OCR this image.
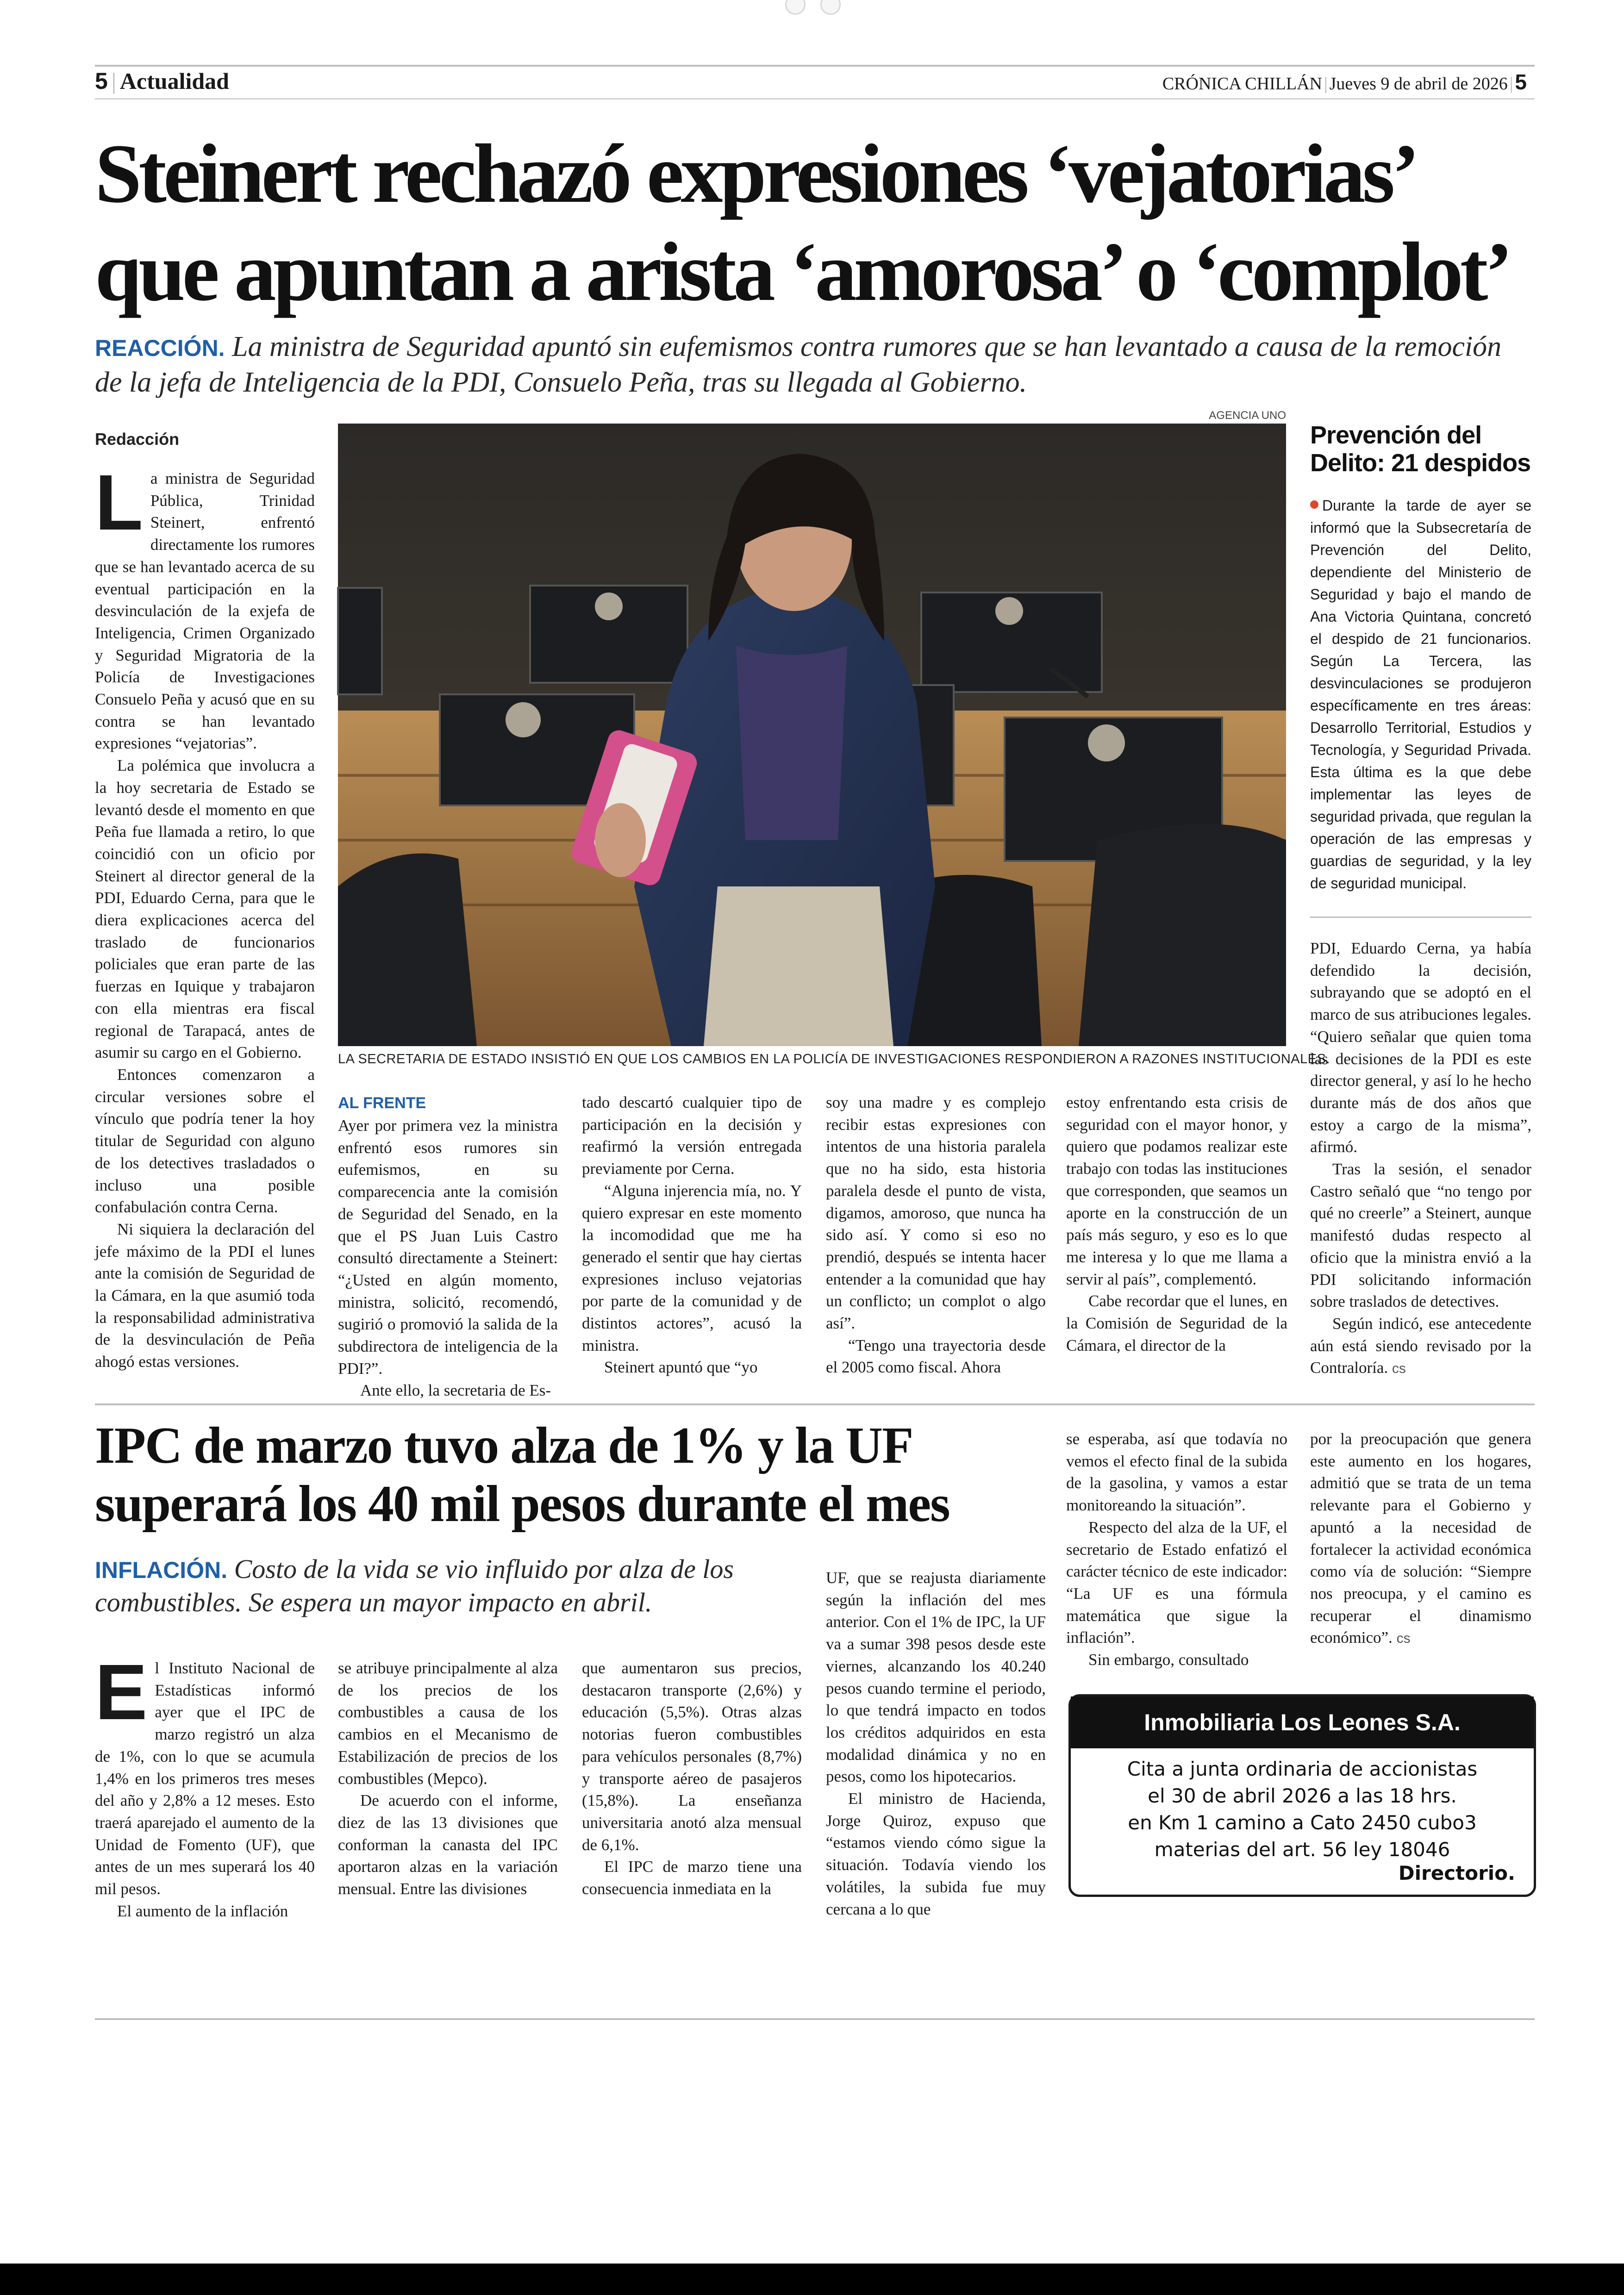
5 | Actualidad	CRÓNICA CHILLÁN | Jueves 9 de abril de 2026 |5
Steinert rechazó expresiones ‘vejatorias’
que apuntan a arista ‘amorosa’ o ‘complot’

REACCIÓN. La ministra de Seguridad apuntó sin eufemismos contra rumores que se han levantado a causa de la remoción de la jefa de Inteligencia de la PDI, Consuelo Peña, tras su llegada al Gobierno.

Redacción

La ministra de Seguridad Pública, Trinidad Steinert, enfrentó directamente los rumores que se han levantado acerca de su eventual participación en la desvinculación de la exjefa de Inteligencia, Crimen Organizado y Seguridad Migratoria de la Policía de Investigaciones Consuelo Peña y acusó que en su contra se han levantado expresiones “vejatorias”.

La polémica que involucra a la hoy secretaria de Estado se levantó desde el momento en que Peña fue llamada a retiro, lo que coincidió con un oficio por Steinert al director general de la PDI, Eduardo Cerna, para que le diera explicaciones acerca del traslado de funcionarios policiales que eran parte de las fuerzas en Iquique y trabajaron con ella mientras era fiscal regional de Tarapacá, antes de asumir su cargo en el Gobierno.

Entonces comenzaron a circular versiones sobre el vínculo que podría tener la hoy titular de Seguridad con alguno de los detectives trasladados o incluso una posible confabulación contra Cerna.

Ni siquiera la declaración del jefe máximo de la PDI el lunes ante la comisión de Seguridad de la Cámara, en la que asumió toda la responsabilidad administrativa de la desvinculación de Peña ahogó estas versiones.

AGENCIA UNO
LA SECRETARIA DE ESTADO INSISTIÓ EN QUE LOS CAMBIOS EN LA POLICÍA DE INVESTIGACIONES RESPONDIERON A RAZONES INSTITUCIONALES.
AL FRENTE

Ayer por primera vez la ministra enfrentó esos rumores sin eufemismos, en su comparecencia ante la comisión de Seguridad del Senado, en la que el PS Juan Luis Castro consultó directamente a Steinert: “¿Usted en algún momento, ministra, solicitó, recomendó, sugirió o promovió la salida de la subdirectora de inteligencia de la PDI?”.

Ante ello, la secretaria de Es-

tado descartó cualquier tipo de participación en la decisión y reafirmó la versión entregada previamente por Cerna.

“Alguna injerencia mía, no. Y quiero expresar en este momento la incomodidad que me ha generado el sentir que hay ciertas expresiones incluso vejatorias por parte de la comunidad y de distintos actores”, acusó la ministra.

Steinert apuntó que “yo

soy una madre y es complejo recibir estas expresiones con intentos de una historia paralela que no ha sido, esta historia paralela desde el punto de vista, digamos, amoroso, que nunca ha sido así. Y como si eso no prendió, después se intenta hacer entender a la comunidad que hay un conflicto; un complot o algo así”.

“Tengo una trayectoria desde el 2005 como fiscal. Ahora

estoy enfrentando esta crisis de seguridad con el mayor honor, y quiero que podamos realizar este trabajo con todas las instituciones que corresponden, que seamos un aporte en la construcción de un país más seguro, y eso es lo que me interesa y lo que me llama a servir al país”, complementó.

Cabe recordar que el lunes, en la Comisión de Seguridad de la Cámara, el director de la

Prevención del
Delito: 21 despidos

Durante la tarde de ayer se informó que la Subsecretaría de Prevención del Delito, dependiente del Ministerio de Seguridad y bajo el mando de Ana Victoria Quintana, concretó el despido de 21 funcionarios. Según La Tercera, las desvinculaciones se produjeron específicamente en tres áreas: Desarrollo Territorial, Estudios y Tecnología, y Seguridad Privada. Esta última es la que debe implementar las leyes de seguridad privada, que regulan la operación de las empresas y guardias de seguridad, y la ley de seguridad municipal.

PDI, Eduardo Cerna, ya había defendido la decisión, subrayando que se adoptó en el marco de sus atribuciones legales. “Quiero señalar que quien toma las decisiones de la PDI es este director general, y así lo he hecho durante más de dos años que estoy a cargo de la misma”, afirmó.

Tras la sesión, el senador Castro señaló que “no tengo por qué no creerle” a Steinert, aunque manifestó dudas respecto al oficio que la ministra envió a la PDI solicitando información sobre traslados de detectives.

Según indicó, ese antecedente aún está siendo revisado por la Contraloría. cs

IPC de marzo tuvo alza de 1% y la UF
superará los 40 mil pesos durante el mes

INFLACIÓN. Costo de la vida se vio influido por alza de los combustibles. Se espera un mayor impacto en abril.

El Instituto Nacional de Estadísticas informó ayer que el IPC de marzo registró un alza de 1%, con lo que se acumula 1,4% en los primeros tres meses del año y 2,8% a 12 meses. Esto traerá aparejado el aumento de la Unidad de Fomento (UF), que antes de un mes superará los 40 mil pesos.

El aumento de la inflación

se atribuye principalmente al alza de los precios de los combustibles a causa de los cambios en el Mecanismo de Estabilización de precios de los combustibles (Mepco).

De acuerdo con el informe, diez de las 13 divisiones que conforman la canasta del IPC aportaron alzas en la variación mensual. Entre las divisiones

que aumentaron sus precios, destacaron transporte (2,6%) y educación (5,5%). Otras alzas notorias fueron combustibles para vehículos personales (8,7%) y transporte aéreo de pasajeros (15,8%). La enseñanza universitaria anotó alza mensual de 6,1%.

El IPC de marzo tiene una consecuencia inmediata en la

UF, que se reajusta diariamente según la inflación del mes anterior. Con el 1% de IPC, la UF va a sumar 398 pesos desde este viernes, alcanzando los 40.240 pesos cuando termine el periodo, lo que tendrá impacto en todos los créditos adquiridos en esta modalidad dinámica y no en pesos, como los hipotecarios.

El ministro de Hacienda, Jorge Quiroz, expuso que “estamos viendo cómo sigue la situación. Todavía viendo los volátiles, la subida fue muy cercana a lo que

se esperaba, así que todavía no vemos el efecto final de la subida de la gasolina, y vamos a estar monitoreando la situación”.

Respecto del alza de la UF, el secretario de Estado enfatizó el carácter técnico de este indicador: “La UF es una fórmula matemática que sigue la inflación”.

Sin embargo, consultado

por la preocupación que genera este aumento en los hogares, admitió que se trata de un tema relevante para el Gobierno y apuntó a la necesidad de fortalecer la actividad económica como vía de solución: “Siempre nos preocupa, y el camino es recuperar el dinamismo económico”. cs

Inmobiliaria Los Leones S.A.
Cita a junta ordinaria de accionistas
el 30 de abril 2026 a las 18 hrs.
en Km 1 camino a Cato 2450 cubo3
materias del art. 56 ley 18046
Directorio.
